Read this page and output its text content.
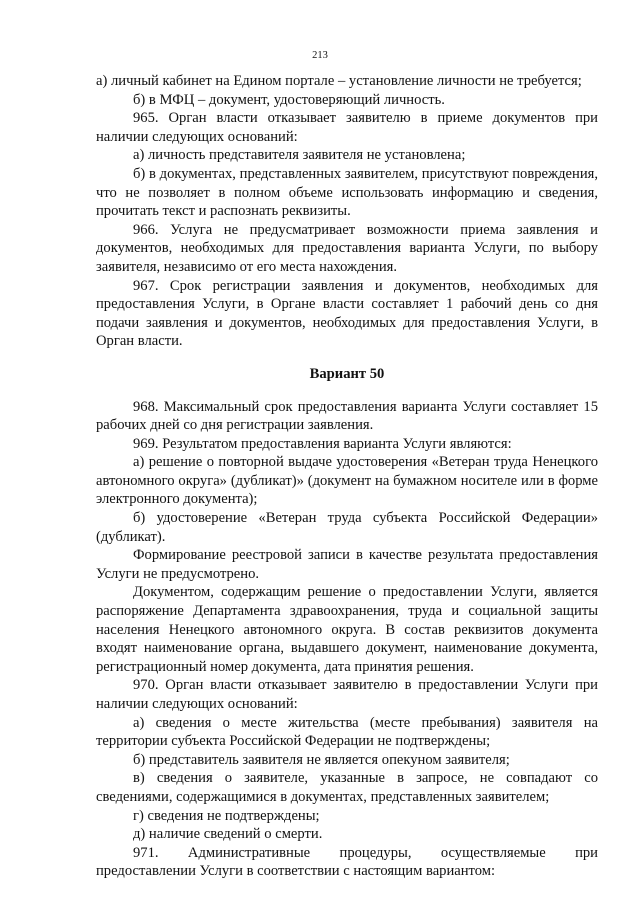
213

а) личный кабинет на Едином портале – установление личности не требуется;

б) в МФЦ – документ, удостоверяющий личность.

965. Орган власти отказывает заявителю в приеме документов при наличии следующих оснований:

а) личность представителя заявителя не установлена;

б) в документах, представленных заявителем, присутствуют повреждения, что не позволяет в полном объеме использовать информацию и сведения, прочитать текст и распознать реквизиты.

966. Услуга не предусматривает возможности приема заявления и документов, необходимых для предоставления варианта Услуги, по выбору заявителя, независимо от его места нахождения.

967. Срок регистрации заявления и документов, необходимых для предоставления Услуги, в Органе власти составляет 1 рабочий день со дня подачи заявления и документов, необходимых для предоставления Услуги, в Орган власти.

Вариант 50

968. Максимальный срок предоставления варианта Услуги составляет 15 рабочих дней со дня регистрации заявления.

969. Результатом предоставления варианта Услуги являются:

а) решение о повторной выдаче удостоверения «Ветеран труда Ненецкого автономного округа» (дубликат)» (документ на бумажном носителе или в форме электронного документа);

б) удостоверение «Ветеран труда субъекта Российской Федерации» (дубликат).

Формирование реестровой записи в качестве результата предоставления Услуги не предусмотрено.

Документом, содержащим решение о предоставлении Услуги, является распоряжение Департамента здравоохранения, труда и социальной защиты населения Ненецкого автономного округа. В состав реквизитов документа входят наименование органа, выдавшего документ, наименование документа, регистрационный номер документа, дата принятия решения.

970. Орган власти отказывает заявителю в предоставлении Услуги при наличии следующих оснований:

а) сведения о месте жительства (месте пребывания) заявителя на территории субъекта Российской Федерации не подтверждены;

б) представитель заявителя не является опекуном заявителя;

в) сведения о заявителе, указанные в запросе, не совпадают со сведениями, содержащимися в документах, представленных заявителем;

г) сведения не подтверждены;

д) наличие сведений о смерти.

971. Административные процедуры, осуществляемые при предоставлении Услуги в соответствии с настоящим вариантом:
